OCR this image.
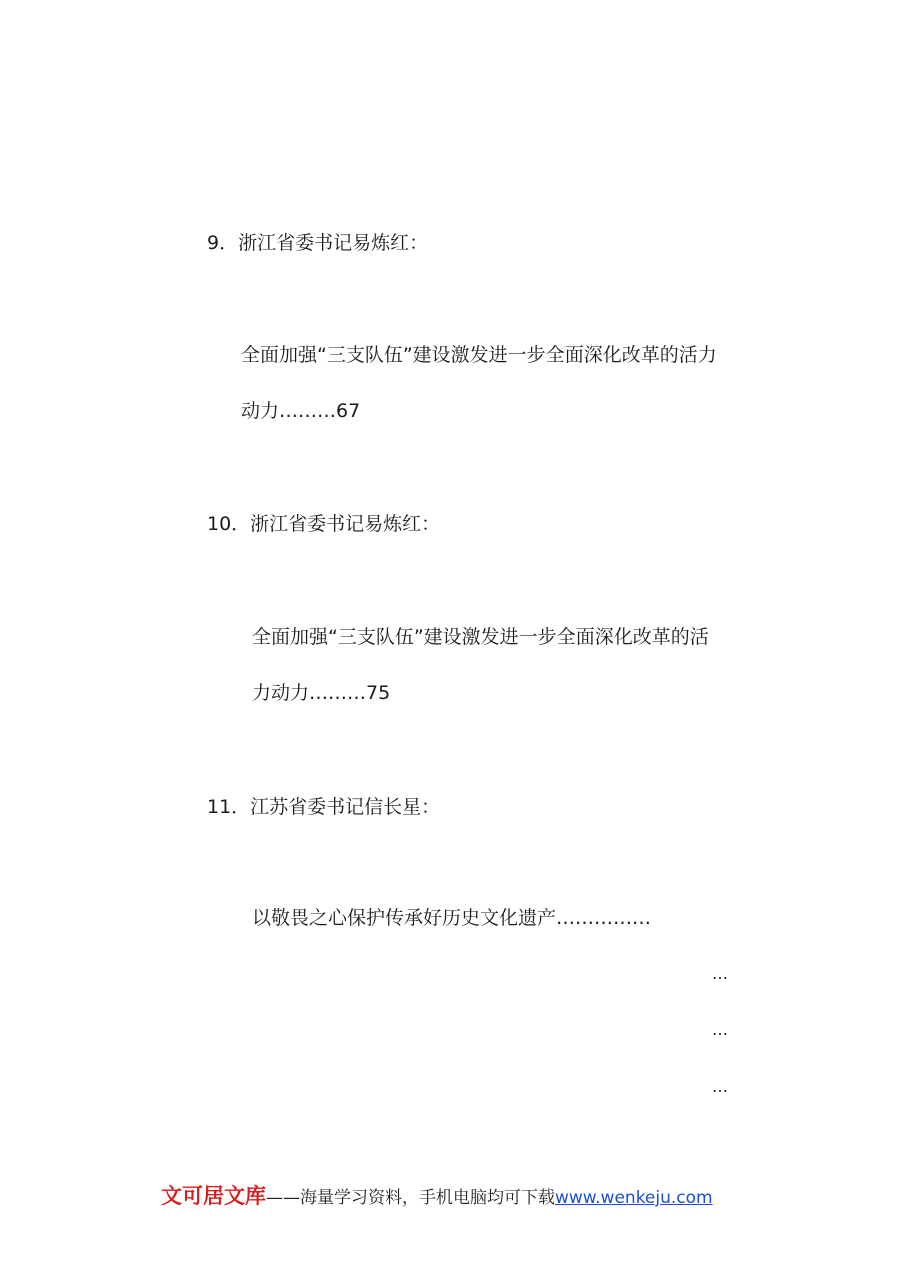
9．浙江省委书记易炼红：
全面加强“三支队伍”建设激发进一步全面深化改革的活力
动力………67
10．浙江省委书记易炼红：
全面加强“三支队伍”建设激发进一步全面深化改革的活
力动力………75
11．江苏省委书记信长星：
以敬畏之心保护传承好历史文化遗产……………
…
…
…
文可居文库——海量学习资料，手机电脑均可下载www.wenkeju.com
